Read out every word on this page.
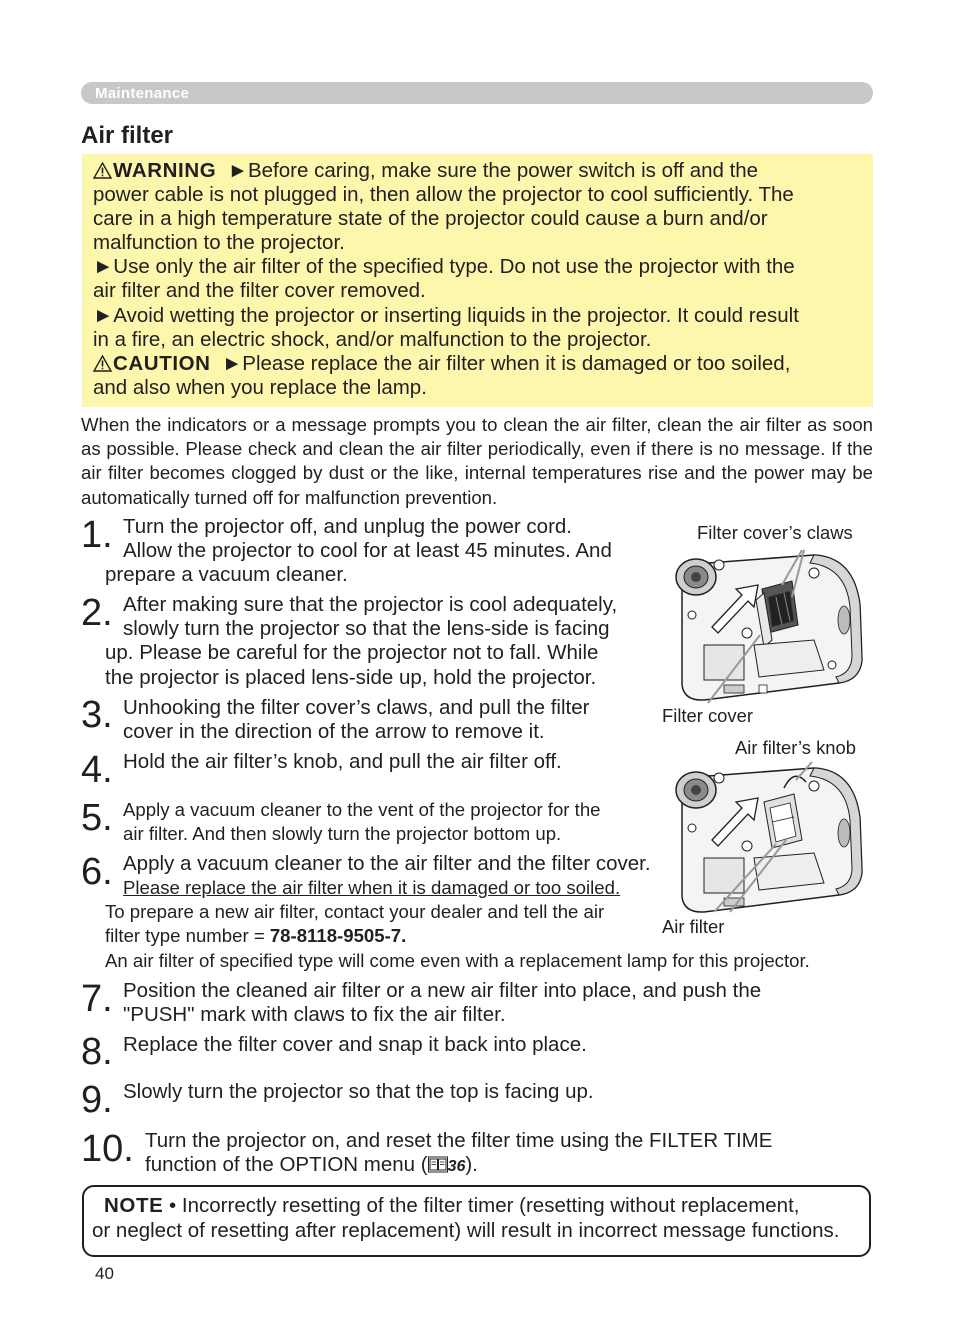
Maintenance
Air filter

WARNING ►Before caring, make sure the power switch is off and the

power cable is not plugged in, then allow the projector to cool sufficiently. The

care in a high temperature state of the projector could cause a burn and/or

malfunction to the projector.

►Use only the air filter of the specified type. Do not use the projector with the

air filter and the filter cover removed.

►Avoid wetting the projector or inserting liquids in the projector. It could result

in a fire, an electric shock, and/or malfunction to the projector.

CAUTION ►Please replace the air filter when it is damaged or too soiled,

and also when you replace the lamp.

When the indicators or a message prompts you to clean the air filter, clean the air filter as soon as possible. Please check and clean the air filter periodically, even if there is no message. If the air filter becomes clogged by dust or the like, internal temperatures rise and the power may be automatically turned off for malfunction prevention.

1. Turn the projector off, and unplug the power cord.
Allow the projector to cool for at least 45 minutes. And
prepare a vacuum cleaner.
2. After making sure that the projector is cool adequately,
slowly turn the projector so that the lens-side is facing
up. Please be careful for the projector not to fall. While
the projector is placed lens-side up, hold the projector.
3. Unhooking the filter cover’s claws, and pull the filter
cover in the direction of the arrow to remove it.
4. Hold the air filter’s knob, and pull the air filter off.
5. Apply a vacuum cleaner to the vent of the projector for the
air filter. And then slowly turn the projector bottom up.
6. Apply a vacuum cleaner to the air filter and the filter cover.
Please replace the air filter when it is damaged or too soiled.
To prepare a new air filter, contact your dealer and tell the air
filter type number = 78-8118-9505-7.
An air filter of specified type will come even with a replacement lamp for this projector.
7. Position the cleaned air filter or a new air filter into place, and push the
"PUSH" mark with claws to fix the air filter.
8. Replace the filter cover and snap it back into place.
9. Slowly turn the projector so that the top is facing up.
10. Turn the projector on, and reset the filter time using the FILTER TIME
function of the OPTION menu ( 36).
Filter cover’s claws
Filter cover
Air filter’s knob
Air filter

NOTE • Incorrectly resetting of the filter timer (resetting without replacement,

or neglect of resetting after replacement) will result in incorrect message functions.

40
